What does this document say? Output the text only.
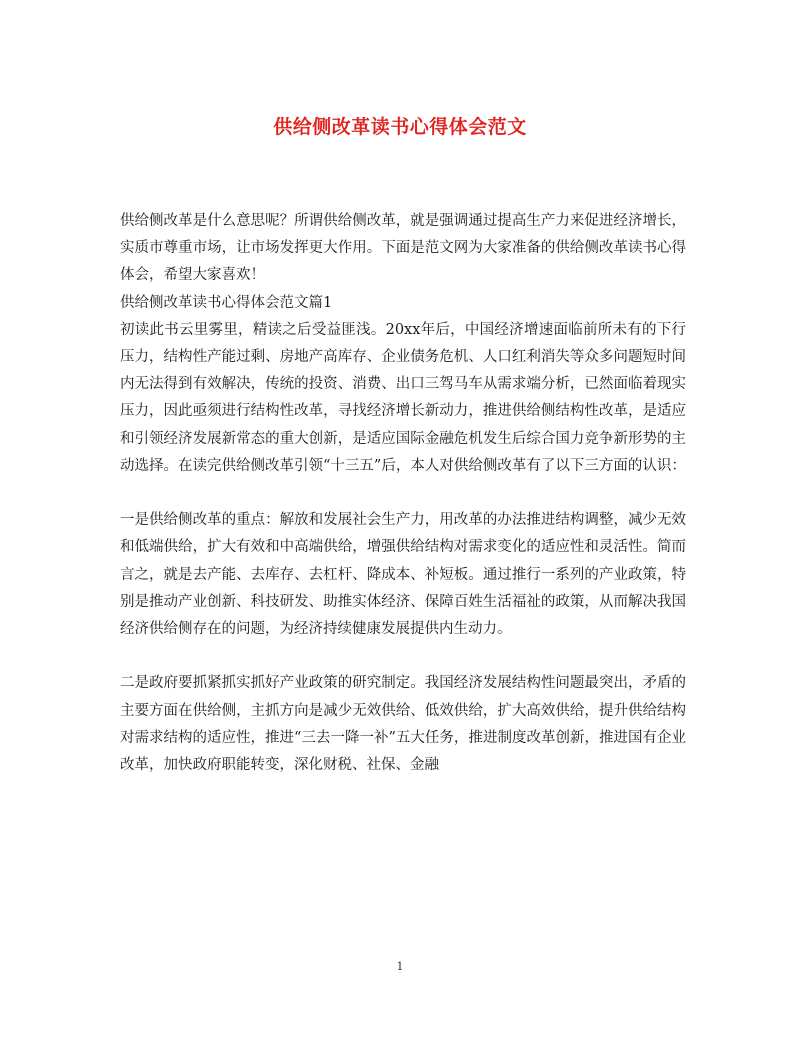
供给侧改革读书心得体会范文

供给侧改革是什么意思呢？所谓供给侧改革，就是强调通过提高生产力来促进经济增长，实质市尊重市场，让市场发挥更大作用。下面是范文网为大家准备的供给侧改革读书心得体会，希望大家喜欢！

供给侧改革读书心得体会范文篇1

初读此书云里雾里，精读之后受益匪浅。20xx年后，中国经济增速面临前所未有的下行压力，结构性产能过剩、房地产高库存、企业债务危机、人口红利消失等众多问题短时间内无法得到有效解决，传统的投资、消费、出口三驾马车从需求端分析，已然面临着现实压力，因此亟须进行结构性改革，寻找经济增长新动力，推进供给侧结构性改革，是适应和引领经济发展新常态的重大创新，是适应国际金融危机发生后综合国力竞争新形势的主动选择。在读完供给侧改革引领“十三五”后，本人对供给侧改革有了以下三方面的认识：

一是供给侧改革的重点：解放和发展社会生产力，用改革的办法推进结构调整，减少无效和低端供给，扩大有效和中高端供给，增强供给结构对需求变化的适应性和灵活性。简而言之，就是去产能、去库存、去杠杆、降成本、补短板。通过推行一系列的产业政策，特别是推动产业创新、科技研发、助推实体经济、保障百姓生活福祉的政策，从而解决我国经济供给侧存在的问题，为经济持续健康发展提供内生动力。

二是政府要抓紧抓实抓好产业政策的研究制定。我国经济发展结构性问题最突出，矛盾的主要方面在供给侧，主抓方向是减少无效供给、低效供给，扩大高效供给，提升供给结构对需求结构的适应性，推进“三去一降一补”五大任务，推进制度改革创新，推进国有企业改革，加快政府职能转变，深化财税、社保、金融

1
